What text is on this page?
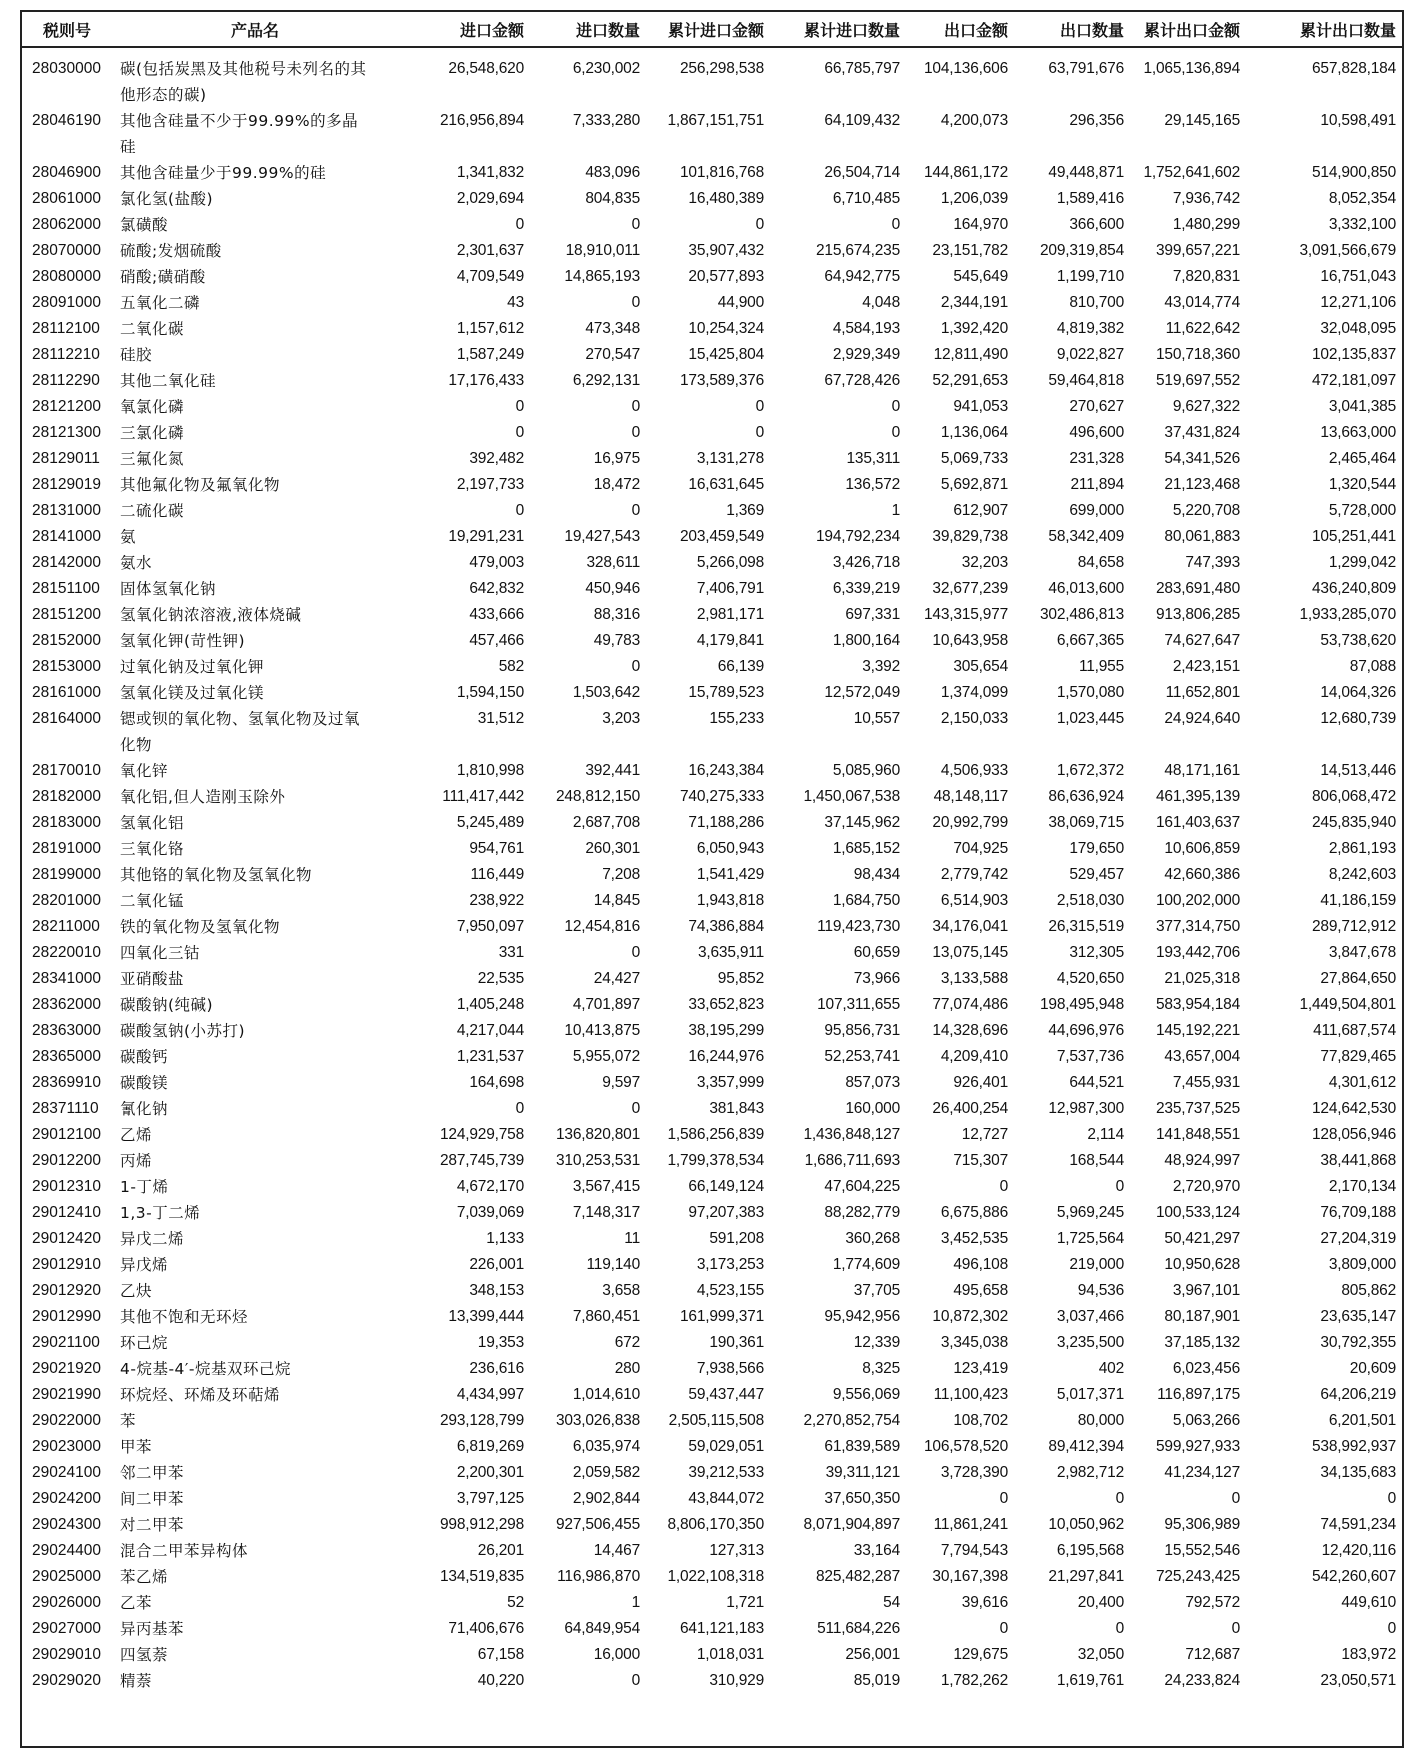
税则号	产品名	进口金额	进口数量	累计进口金额	累计进口数量	出口金额	出口数量	累计出口金额	累计出口数量
28030000	碳(包括炭黑及其他税号未列名的其他形态的碳)	26,548,620	6,230,002	256,298,538	66,785,797	104,136,606	63,791,676	1,065,136,894	657,828,184
28046190	其他含硅量不少于99.99%的多晶硅	216,956,894	7,333,280	1,867,151,751	64,109,432	4,200,073	296,356	29,145,165	10,598,491
28046900	其他含硅量少于99.99%的硅	1,341,832	483,096	101,816,768	26,504,714	144,861,172	49,448,871	1,752,641,602	514,900,850
28061000	氯化氢(盐酸)	2,029,694	804,835	16,480,389	6,710,485	1,206,039	1,589,416	7,936,742	8,052,354
28062000	氯磺酸	0	0	0	0	164,970	366,600	1,480,299	3,332,100
28070000	硫酸;发烟硫酸	2,301,637	18,910,011	35,907,432	215,674,235	23,151,782	209,319,854	399,657,221	3,091,566,679
28080000	硝酸;磺硝酸	4,709,549	14,865,193	20,577,893	64,942,775	545,649	1,199,710	7,820,831	16,751,043
28091000	五氧化二磷	43	0	44,900	4,048	2,344,191	810,700	43,014,774	12,271,106
28112100	二氧化碳	1,157,612	473,348	10,254,324	4,584,193	1,392,420	4,819,382	11,622,642	32,048,095
28112210	硅胶	1,587,249	270,547	15,425,804	2,929,349	12,811,490	9,022,827	150,718,360	102,135,837
28112290	其他二氧化硅	17,176,433	6,292,131	173,589,376	67,728,426	52,291,653	59,464,818	519,697,552	472,181,097
28121200	氧氯化磷	0	0	0	0	941,053	270,627	9,627,322	3,041,385
28121300	三氯化磷	0	0	0	0	1,136,064	496,600	37,431,824	13,663,000
28129011	三氟化氮	392,482	16,975	3,131,278	135,311	5,069,733	231,328	54,341,526	2,465,464
28129019	其他氟化物及氟氧化物	2,197,733	18,472	16,631,645	136,572	5,692,871	211,894	21,123,468	1,320,544
28131000	二硫化碳	0	0	1,369	1	612,907	699,000	5,220,708	5,728,000
28141000	氨	19,291,231	19,427,543	203,459,549	194,792,234	39,829,738	58,342,409	80,061,883	105,251,441
28142000	氨水	479,003	328,611	5,266,098	3,426,718	32,203	84,658	747,393	1,299,042
28151100	固体氢氧化钠	642,832	450,946	7,406,791	6,339,219	32,677,239	46,013,600	283,691,480	436,240,809
28151200	氢氧化钠浓溶液,液体烧碱	433,666	88,316	2,981,171	697,331	143,315,977	302,486,813	913,806,285	1,933,285,070
28152000	氢氧化钾(苛性钾)	457,466	49,783	4,179,841	1,800,164	10,643,958	6,667,365	74,627,647	53,738,620
28153000	过氧化钠及过氧化钾	582	0	66,139	3,392	305,654	11,955	2,423,151	87,088
28161000	氢氧化镁及过氧化镁	1,594,150	1,503,642	15,789,523	12,572,049	1,374,099	1,570,080	11,652,801	14,064,326
28164000	锶或钡的氧化物、氢氧化物及过氧化物	31,512	3,203	155,233	10,557	2,150,033	1,023,445	24,924,640	12,680,739
28170010	氧化锌	1,810,998	392,441	16,243,384	5,085,960	4,506,933	1,672,372	48,171,161	14,513,446
28182000	氧化铝,但人造刚玉除外	111,417,442	248,812,150	740,275,333	1,450,067,538	48,148,117	86,636,924	461,395,139	806,068,472
28183000	氢氧化铝	5,245,489	2,687,708	71,188,286	37,145,962	20,992,799	38,069,715	161,403,637	245,835,940
28191000	三氧化铬	954,761	260,301	6,050,943	1,685,152	704,925	179,650	10,606,859	2,861,193
28199000	其他铬的氧化物及氢氧化物	116,449	7,208	1,541,429	98,434	2,779,742	529,457	42,660,386	8,242,603
28201000	二氧化锰	238,922	14,845	1,943,818	1,684,750	6,514,903	2,518,030	100,202,000	41,186,159
28211000	铁的氧化物及氢氧化物	7,950,097	12,454,816	74,386,884	119,423,730	34,176,041	26,315,519	377,314,750	289,712,912
28220010	四氧化三钴	331	0	3,635,911	60,659	13,075,145	312,305	193,442,706	3,847,678
28341000	亚硝酸盐	22,535	24,427	95,852	73,966	3,133,588	4,520,650	21,025,318	27,864,650
28362000	碳酸钠(纯碱)	1,405,248	4,701,897	33,652,823	107,311,655	77,074,486	198,495,948	583,954,184	1,449,504,801
28363000	碳酸氢钠(小苏打)	4,217,044	10,413,875	38,195,299	95,856,731	14,328,696	44,696,976	145,192,221	411,687,574
28365000	碳酸钙	1,231,537	5,955,072	16,244,976	52,253,741	4,209,410	7,537,736	43,657,004	77,829,465
28369910	碳酸镁	164,698	9,597	3,357,999	857,073	926,401	644,521	7,455,931	4,301,612
28371110	氰化钠	0	0	381,843	160,000	26,400,254	12,987,300	235,737,525	124,642,530
29012100	乙烯	124,929,758	136,820,801	1,586,256,839	1,436,848,127	12,727	2,114	141,848,551	128,056,946
29012200	丙烯	287,745,739	310,253,531	1,799,378,534	1,686,711,693	715,307	168,544	48,924,997	38,441,868
29012310	1-丁烯	4,672,170	3,567,415	66,149,124	47,604,225	0	0	2,720,970	2,170,134
29012410	1,3-丁二烯	7,039,069	7,148,317	97,207,383	88,282,779	6,675,886	5,969,245	100,533,124	76,709,188
29012420	异戊二烯	1,133	11	591,208	360,268	3,452,535	1,725,564	50,421,297	27,204,319
29012910	异戊烯	226,001	119,140	3,173,253	1,774,609	496,108	219,000	10,950,628	3,809,000
29012920	乙炔	348,153	3,658	4,523,155	37,705	495,658	94,536	3,967,101	805,862
29012990	其他不饱和无环烃	13,399,444	7,860,451	161,999,371	95,942,956	10,872,302	3,037,466	80,187,901	23,635,147
29021100	环己烷	19,353	672	190,361	12,339	3,345,038	3,235,500	37,185,132	30,792,355
29021920	4-烷基-4′-烷基双环己烷	236,616	280	7,938,566	8,325	123,419	402	6,023,456	20,609
29021990	环烷烃、环烯及环萜烯	4,434,997	1,014,610	59,437,447	9,556,069	11,100,423	5,017,371	116,897,175	64,206,219
29022000	苯	293,128,799	303,026,838	2,505,115,508	2,270,852,754	108,702	80,000	5,063,266	6,201,501
29023000	甲苯	6,819,269	6,035,974	59,029,051	61,839,589	106,578,520	89,412,394	599,927,933	538,992,937
29024100	邻二甲苯	2,200,301	2,059,582	39,212,533	39,311,121	3,728,390	2,982,712	41,234,127	34,135,683
29024200	间二甲苯	3,797,125	2,902,844	43,844,072	37,650,350	0	0	0	0
29024300	对二甲苯	998,912,298	927,506,455	8,806,170,350	8,071,904,897	11,861,241	10,050,962	95,306,989	74,591,234
29024400	混合二甲苯异构体	26,201	14,467	127,313	33,164	7,794,543	6,195,568	15,552,546	12,420,116
29025000	苯乙烯	134,519,835	116,986,870	1,022,108,318	825,482,287	30,167,398	21,297,841	725,243,425	542,260,607
29026000	乙苯	52	1	1,721	54	39,616	20,400	792,572	449,610
29027000	异丙基苯	71,406,676	64,849,954	641,121,183	511,684,226	0	0	0	0
29029010	四氢萘	67,158	16,000	1,018,031	256,001	129,675	32,050	712,687	183,972
29029020	精萘	40,220	0	310,929	85,019	1,782,262	1,619,761	24,233,824	23,050,571
